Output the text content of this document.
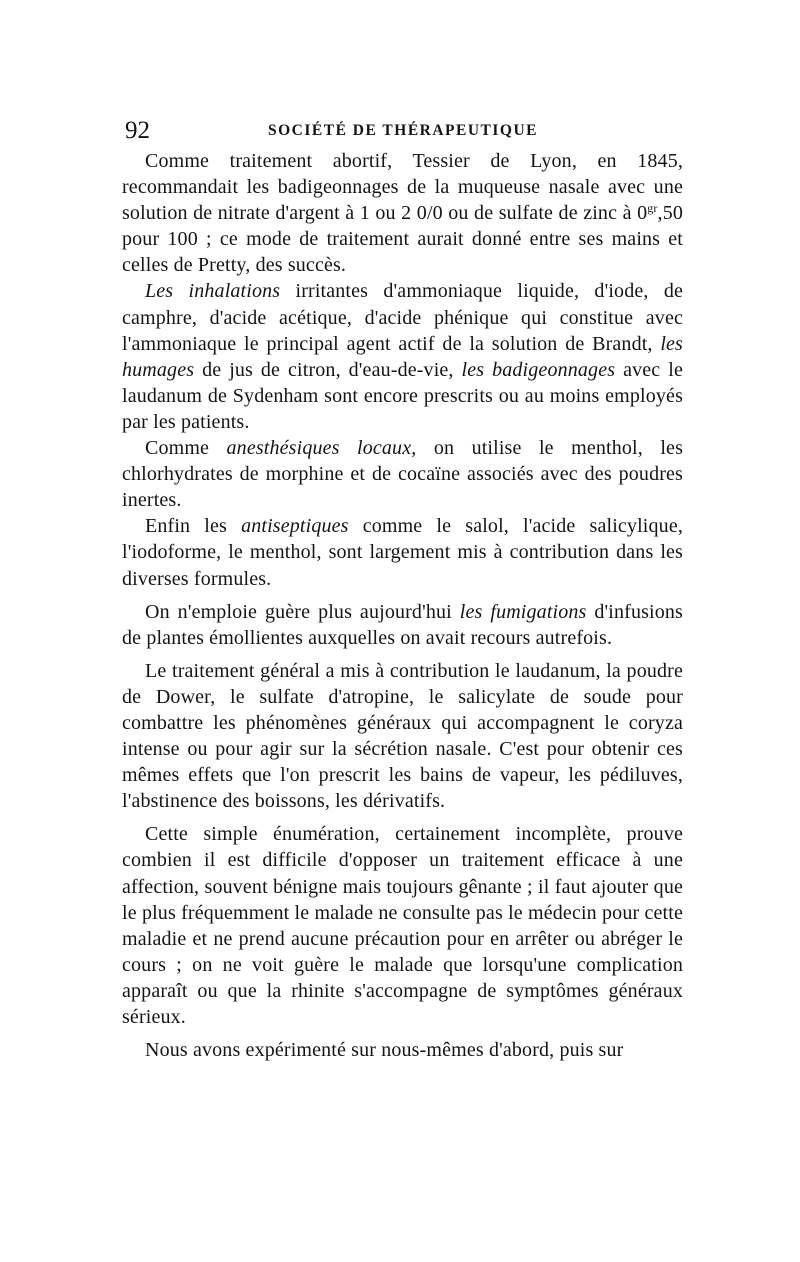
92	SOCIÉTÉ DE THÉRAPEUTIQUE

Comme traitement abortif, Tessier de Lyon, en 1845, recommandait les badigeonnages de la muqueuse nasale avec une solution de nitrate d'argent à 1 ou 2 0/0 ou de sulfate de zinc à $0^{gr},50$ pour 100 ; ce mode de traitement aurait donné entre ses mains et celles de Pretty, des succès.

Les inhalations irritantes d'ammoniaque liquide, d'iode, de camphre, d'acide acétique, d'acide phénique qui constitue avec l'ammoniaque le principal agent actif de la solution de Brandt, les humages de jus de citron, d'eau-de-vie, les badigeonnages avec le laudanum de Sydenham sont encore prescrits ou au moins employés par les patients.

Comme anesthésiques locaux, on utilise le menthol, les chlorhydrates de morphine et de cocaïne associés avec des poudres inertes.

Enfin les antiseptiques comme le salol, l'acide salicylique, l'iodoforme, le menthol, sont largement mis à contribution dans les diverses formules.

On n'emploie guère plus aujourd'hui les fumigations d'infusions de plantes émollientes auxquelles on avait recours autrefois.

Le traitement général a mis à contribution le laudanum, la poudre de Dower, le sulfate d'atropine, le salicylate de soude pour combattre les phénomènes généraux qui accompagnent le coryza intense ou pour agir sur la sécrétion nasale. C'est pour obtenir ces mêmes effets que l'on prescrit les bains de vapeur, les pédiluves, l'abstinence des boissons, les dérivatifs.

Cette simple énumération, certainement incomplète, prouve combien il est difficile d'opposer un traitement efficace à une affection, souvent bénigne mais toujours gênante ; il faut ajouter que le plus fréquemment le malade ne consulte pas le médecin pour cette maladie et ne prend aucune précaution pour en arrêter ou abréger le cours ; on ne voit guère le malade que lorsqu'une complication apparaît ou que la rhinite s'accompagne de symptômes généraux sérieux.

Nous avons expérimenté sur nous-mêmes d'abord, puis sur
